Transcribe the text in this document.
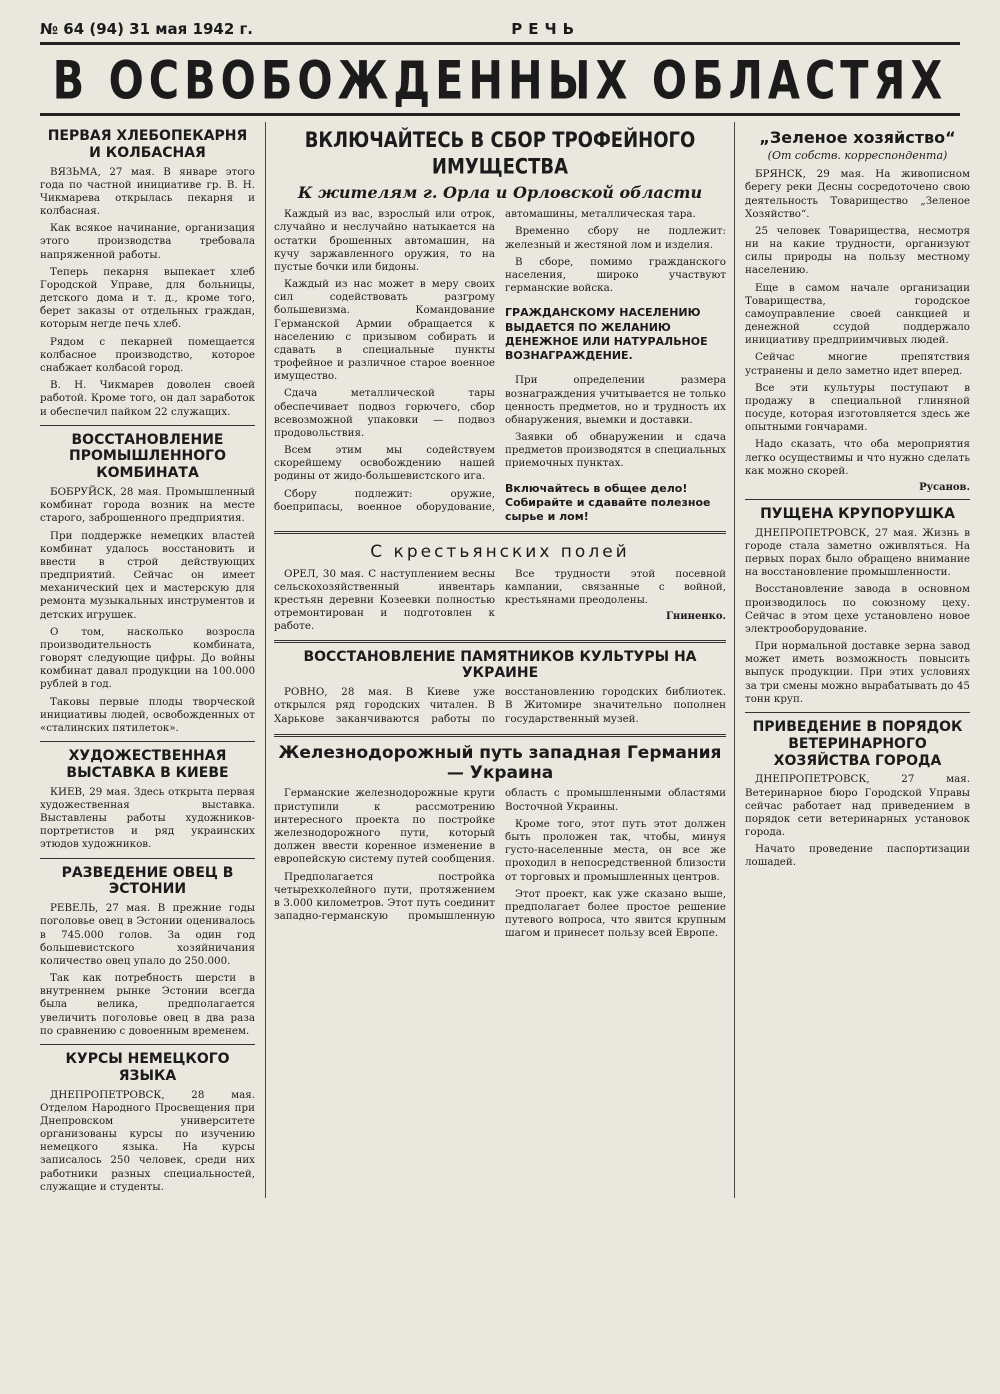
№ 64 (94) 31 мая 1942 г.	РЕЧЬ
В ОСВОБОЖДЕННЫХ ОБЛАСТЯХ
ПЕРВАЯ ХЛЕБОПЕКАРНЯ И КОЛБАСНАЯ

ВЯЗЬМА, 27 мая. В январе этого года по частной инициативе гр. В. Н. Чикмарева открылась пекарня и колбасная.

Как всякое начинание, организация этого производства требовала напряженной работы.

Теперь пекарня выпекает хлеб Городской Управе, для больницы, детского дома и т. д., кроме того, берет заказы от отдельных граждан, которым негде печь хлеб.

Рядом с пекарней помещается колбасное производство, которое снабжает колбасой город.

В. Н. Чикмарев доволен своей работой. Кроме того, он дал заработок и обеспечил пайком 22 служащих.

ВОССТАНОВЛЕНИЕ ПРОМЫШЛЕННОГО КОМБИНАТА

БОБРУЙСК, 28 мая. Промышленный комбинат города возник на месте старого, заброшенного предприятия.

При поддержке немецких властей комбинат удалось восстановить и ввести в строй действующих предприятий. Сейчас он имеет механический цех и мастерскую для ремонта музыкальных инструментов и детских игрушек.

О том, насколько возросла производительность комбината, говорят следующие цифры. До войны комбинат давал продукции на 100.000 рублей в год.

Таковы первые плоды творческой инициативы людей, освобожденных от «сталинских пятилеток».

ХУДОЖЕСТВЕННАЯ ВЫСТАВКА В КИЕВЕ

КИЕВ, 29 мая. Здесь открыта первая художественная выставка. Выставлены работы художников-портретистов и ряд украинских этюдов художников.

РАЗВЕДЕНИЕ ОВЕЦ В ЭСТОНИИ

РЕВЕЛЬ, 27 мая. В прежние годы поголовье овец в Эстонии оценивалось в 745.000 голов. За один год большевистского хозяйничания количество овец упало до 250.000.

Так как потребность шерсти в внутреннем рынке Эстонии всегда была велика, предполагается увеличить поголовье овец в два раза по сравнению с довоенным временем.

КУРСЫ НЕМЕЦКОГО ЯЗЫКА

ДНЕПРОПЕТРОВСК, 28 мая. Отделом Народного Просвещения при Днепровском университете организованы курсы по изучению немецкого языка. На курсы записалось 250 человек, среди них работники разных специальностей, служащие и студенты.

ВКЛЮЧАЙТЕСЬ В СБОР ТРОФЕЙНОГО ИМУЩЕСТВА
К жителям г. Орла и Орловской области

Каждый из вас, взрослый или отрок, случайно и неслучайно натыкается на остатки брошенных автомашин, на кучу заржавленного оружия, то на пустые бочки или бидоны.

Каждый из нас может в меру своих сил содействовать разгрому большевизма. Командование Германской Армии обращается к населению с призывом собирать и сдавать в специальные пункты трофейное и различное старое военное имущество.

Сдача металлической тары обеспечивает подвоз горючего, сбор всевозможной упаковки — подвоз продовольствия.

Всем этим мы содействуем скорейшему освобождению нашей родины от жидо-большевистского ига.

Сбору подлежит: оружие, боеприпасы, военное оборудование, автомашины, металлическая тара.

Временно сбору не подлежит: железный и жестяной лом и изделия.

В сборе, помимо гражданского населения, широко участвуют германские войска.

ГРАЖДАНСКОМУ НАСЕЛЕНИЮ ВЫДАЕТСЯ ПО ЖЕЛАНИЮ ДЕНЕЖНОЕ ИЛИ НАТУРАЛЬНОЕ ВОЗНАГРАЖДЕНИЕ.

При определении размера вознаграждения учитывается не только ценность предметов, но и трудность их обнаружения, выемки и доставки.

Заявки об обнаружении и сдача предметов производятся в специальных приемочных пунктах.

Включайтесь в общее дело! Собирайте и сдавайте полезное сырье и лом!

С крестьянских полей

ОРЕЛ, 30 мая. С наступлением весны сельскохозяйственный инвентарь крестьян деревни Козеевки полностью отремонтирован и подготовлен к работе.

Все трудности этой посевной кампании, связанные с войной, крестьянами преодолены.

Гниненко.
ВОССТАНОВЛЕНИЕ ПАМЯТНИКОВ КУЛЬТУРЫ НА УКРАИНЕ

РОВНО, 28 мая. В Киеве уже открылся ряд городских читален. В Харькове заканчиваются работы по восстановлению городских библиотек. В Житомире значительно пополнен государственный музей.

Железнодорожный путь западная Германия — Украина

Германские железнодорожные круги приступили к рассмотрению интересного проекта по постройке железнодорожного пути, который должен ввести коренное изменение в европейскую систему путей сообщения.

Предполагается постройка четырехколейного пути, протяжением в 3.000 километров. Этот путь соединит западно-германскую промышленную область с промышленными областями Восточной Украины.

Кроме того, этот путь этот должен быть проложен так, чтобы, минуя густо-населенные места, он все же проходил в непосредственной близости от торговых и промышленных центров.

Этот проект, как уже сказано выше, предполагает более простое решение путевого вопроса, что явится крупным шагом и принесет пользу всей Европе.

„Зеленое хозяйство“
(От собств. корреспондента)

БРЯНСК, 29 мая. На живописном берегу реки Десны сосредоточено свою деятельность Товарищество „Зеленое Хозяйство“.

25 человек Товарищества, несмотря ни на какие трудности, организуют силы природы на пользу местному населению.

Еще в самом начале организации Товарищества, городское самоуправление своей санкцией и денежной ссудой поддержало инициативу предприимчивых людей.

Сейчас многие препятствия устранены и дело заметно идет вперед.

Все эти культуры поступают в продажу в специальной глиняной посуде, которая изготовляется здесь же опытными гончарами.

Надо сказать, что оба мероприятия легко осуществимы и что нужно сделать как можно скорей.

Русанов.
ПУЩЕНА КРУПОРУШКА

ДНЕПРОПЕТРОВСК, 27 мая. Жизнь в городе стала заметно оживляться. На первых порах было обращено внимание на восстановление промышленности.

Восстановление завода в основном производилось по союзному цеху. Сейчас в этом цехе установлено новое электрооборудование.

При нормальной доставке зерна завод может иметь возможность повысить выпуск продукции. При этих условиях за три смены можно вырабатывать до 45 тонн круп.

ПРИВЕДЕНИЕ В ПОРЯДОК ВЕТЕРИНАРНОГО ХОЗЯЙСТВА ГОРОДА

ДНЕПРОПЕТРОВСК, 27 мая. Ветеринарное бюро Городской Управы сейчас работает над приведением в порядок сети ветеринарных установок города.

Начато проведение паспортизации лошадей.
